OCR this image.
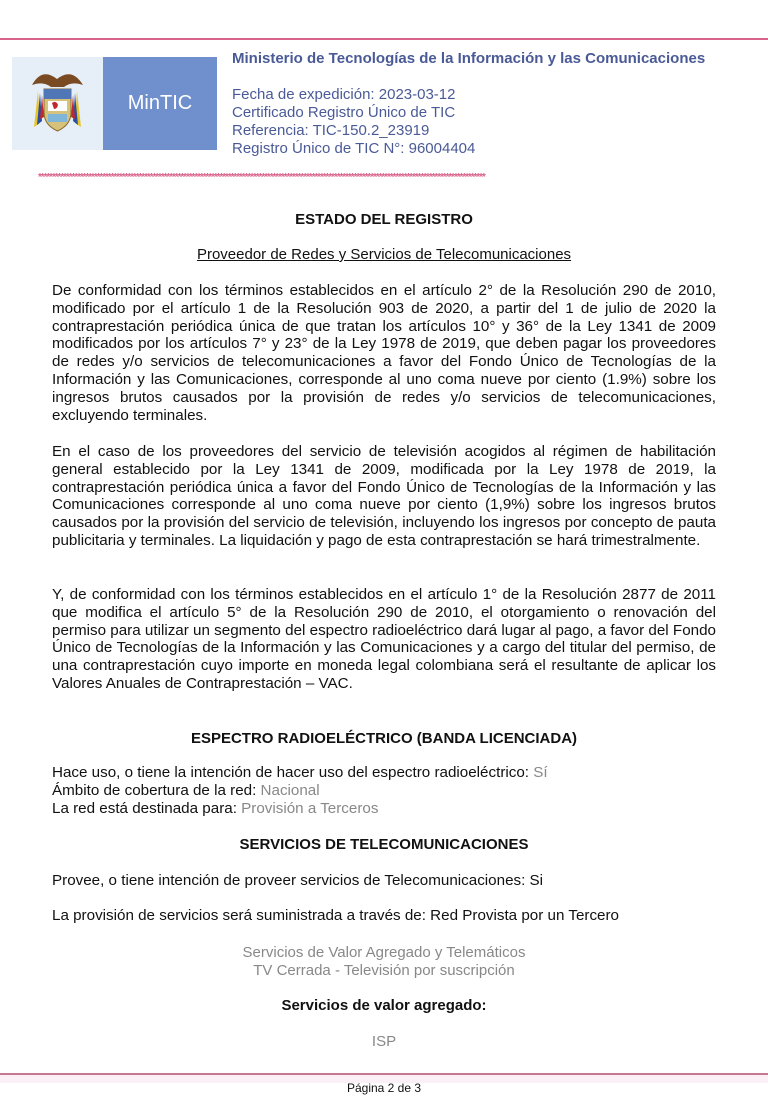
MinTIC
Ministerio de Tecnologías de la Información y las Comunicaciones
Fecha de expedición: 2023-03-12
Certificado Registro Único de TIC
Referencia: TIC-150.2_23919
Registro Único de TIC N°: 96004404
****************************************************************************************************************************************************************
ESTADO DEL REGISTRO
Proveedor de Redes y Servicios de Telecomunicaciones
De conformidad con los términos establecidos en el artículo 2° de la Resolución 290 de 2010, modificado por el artículo 1 de la Resolución 903 de 2020, a partir del 1 de julio de 2020 la contraprestación periódica única de que tratan los artículos 10° y 36° de la Ley 1341 de 2009 modificados por los artículos 7° y 23° de la Ley 1978 de 2019, que deben pagar los proveedores de redes y/o servicios de telecomunicaciones a favor del Fondo Único de Tecnologías de la Información y las Comunicaciones, corresponde al uno coma nueve por ciento (1.9%) sobre los ingresos brutos causados por la provisión de redes y/o servicios de telecomunicaciones, excluyendo terminales.
En el caso de los proveedores del servicio de televisión acogidos al régimen de habilitación general establecido por la Ley 1341 de 2009, modificada por la Ley 1978 de 2019, la contraprestación periódica única a favor del Fondo Único de Tecnologías de la Información y las Comunicaciones corresponde al uno coma nueve por ciento (1,9%) sobre los ingresos brutos causados por la provisión del servicio de televisión, incluyendo los ingresos por concepto de pauta publicitaria y terminales. La liquidación y pago de esta contraprestación se hará trimestralmente.
Y, de conformidad con los términos establecidos en el artículo 1° de la Resolución 2877 de 2011 que modifica el artículo 5° de la Resolución 290 de 2010, el otorgamiento o renovación del permiso para utilizar un segmento del espectro radioeléctrico dará lugar al pago, a favor del Fondo Único de Tecnologías de la Información y las Comunicaciones y a cargo del titular del permiso, de una contraprestación cuyo importe en moneda legal colombiana será el resultante de aplicar los Valores Anuales de Contraprestación – VAC.
ESPECTRO RADIOELÉCTRICO (BANDA LICENCIADA)
Hace uso, o tiene la intención de hacer uso del espectro radioeléctrico: Sí
Ámbito de cobertura de la red: Nacional
La red está destinada para: Provisión a Terceros
SERVICIOS DE TELECOMUNICACIONES
Provee, o tiene intención de proveer servicios de Telecomunicaciones: Si
La provisión de servicios será suministrada a través de: Red Provista por un Tercero
Servicios de Valor Agregado y Telemáticos
TV Cerrada - Televisión por suscripción
Servicios de valor agregado:
ISP
Página 2 de 3
